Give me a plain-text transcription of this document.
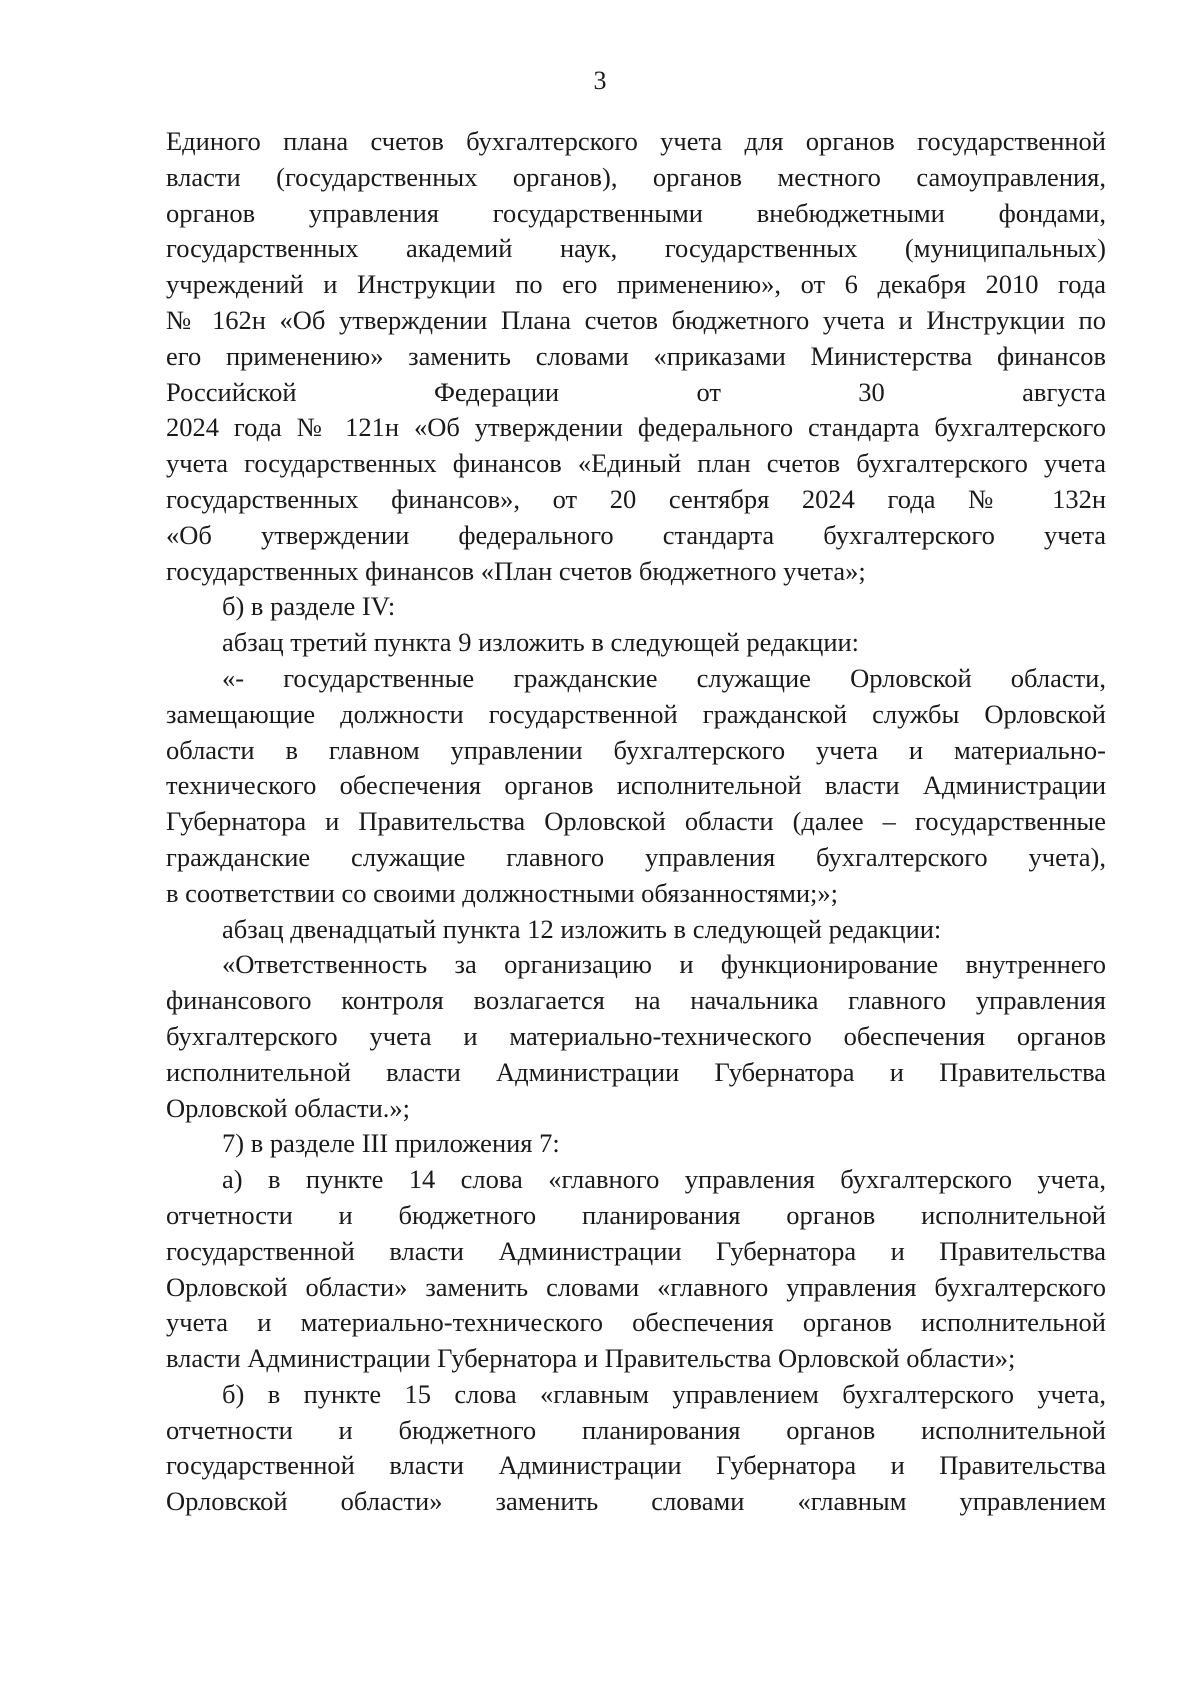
3
Единого плана счетов бухгалтерского учета для органов государственной
власти (государственных органов), органов местного самоуправления,
органов управления государственными внебюджетными фондами,
государственных академий наук, государственных (муниципальных)
учреждений и Инструкции по его применению», от 6 декабря 2010 года
№ 162н «Об утверждении Плана счетов бюджетного учета и Инструкции по
его применению» заменить словами «приказами Министерства финансов
Российской Федерации от 30 августа
2024 года № 121н «Об утверждении федерального стандарта бухгалтерского
учета государственных финансов «Единый план счетов бухгалтерского учета
государственных финансов», от 20 сентября 2024 года № 132н
«Об утверждении федерального стандарта бухгалтерского учета
государственных финансов «План счетов бюджетного учета»;
б) в разделе IV:
абзац третий пункта 9 изложить в следующей редакции:
«- государственные гражданские служащие Орловской области,
замещающие должности государственной гражданской службы Орловской
области в главном управлении бухгалтерского учета и материально-
технического обеспечения органов исполнительной власти Администрации
Губернатора и Правительства Орловской области (далее – государственные
гражданские служащие главного управления бухгалтерского учета),
в соответствии со своими должностными обязанностями;»;
абзац двенадцатый пункта 12 изложить в следующей редакции:
«Ответственность за организацию и функционирование внутреннего
финансового контроля возлагается на начальника главного управления
бухгалтерского учета и материально-технического обеспечения органов
исполнительной власти Администрации Губернатора и Правительства
Орловской области.»;
7) в разделе III приложения 7:
а) в пункте 14 слова «главного управления бухгалтерского учета,
отчетности и бюджетного планирования органов исполнительной
государственной власти Администрации Губернатора и Правительства
Орловской области» заменить словами «главного управления бухгалтерского
учета и материально-технического обеспечения органов исполнительной
власти Администрации Губернатора и Правительства Орловской области»;
б) в пункте 15 слова «главным управлением бухгалтерского учета,
отчетности и бюджетного планирования органов исполнительной
государственной власти Администрации Губернатора и Правительства
Орловской области» заменить словами «главным управлением
